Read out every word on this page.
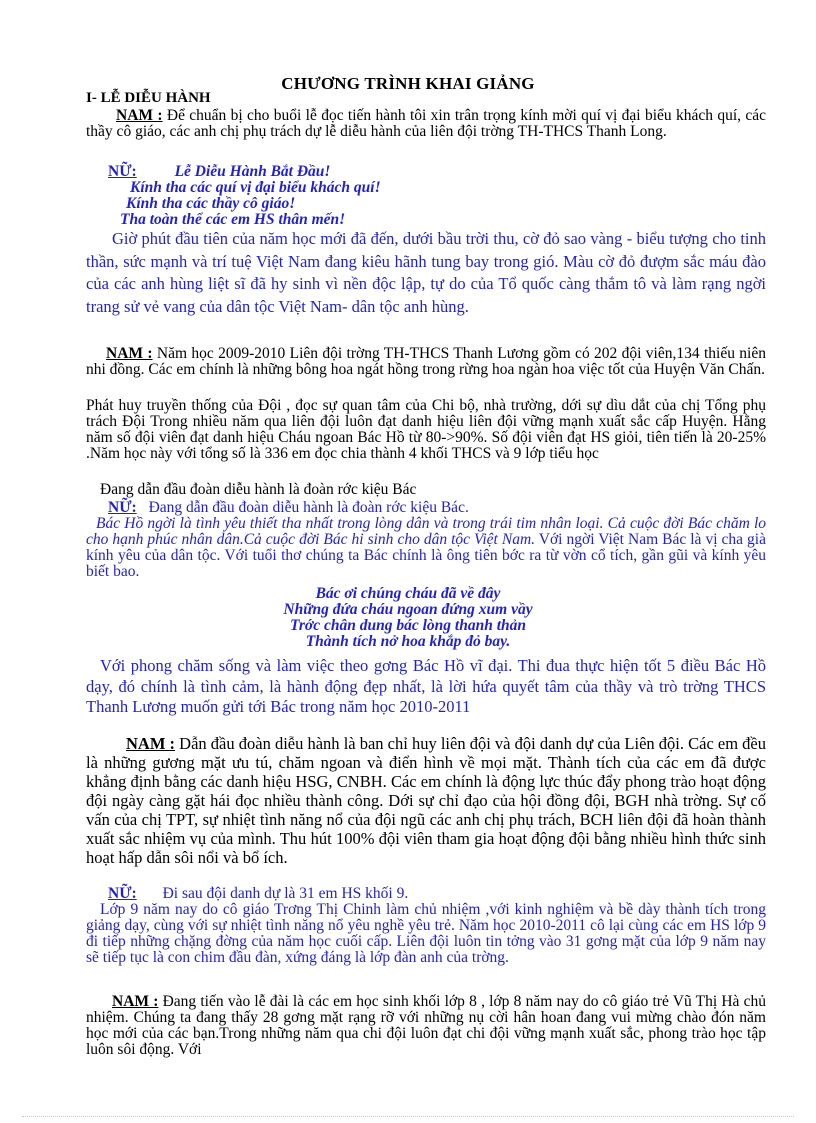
CHƯƠNG TRÌNH KHAI GIẢNG
I- LỄ DIỄU HÀNH
NAM : Để chuẩn bị cho buổi lễ đọc tiến hành tôi xin trân trọng kính mời quí vị đại biểu khách quí, các thầy cô giáo, các anh chị phụ trách dự lễ diễu hành của liên đội trờng TH-THCS Thanh Long.
NỮ: Lễ Diễu Hành Bắt Đầu!
Kính tha các quí vị đại biểu khách quí!
Kính tha các thầy cô giáo!
Tha toàn thể các em HS thân mến!
Giờ phút đầu tiên của năm học mới đã đến, dưới bầu trời thu, cờ đỏ sao vàng - biểu tượng cho tinh thần, sức mạnh và trí tuệ Việt Nam đang kiêu hãnh tung bay trong gió. Màu cờ đỏ đượm sắc máu đào của các anh hùng liệt sĩ đã hy sinh vì nền độc lập, tự do của Tổ quốc càng thắm tô và làm rạng ngời trang sử vẻ vang của dân tộc Việt Nam- dân tộc anh hùng.
NAM : Năm học 2009-2010 Liên đội trờng TH-THCS Thanh Lương gồm có 202 đội viên,134 thiếu niên nhi đồng. Các em chính là những bông hoa ngát hồng trong rừng hoa ngàn hoa việc tốt của Huyện Văn Chấn.
Phát huy truyền thống của Đội , đọc sự quan tâm của Chi bộ, nhà trường, dới sự dìu dắt của chị Tổng phụ trách Đội Trong nhiều năm qua liên đội luôn đạt danh hiệu liên đội vững mạnh xuất sắc cấp Huyện. Hằng năm số đội viên đạt danh hiệu Cháu ngoan Bác Hồ từ 80->90%. Số đội viên đạt HS giỏi, tiên tiến là 20-25% .Năm học này với tổng số là 336 em đọc chia thành 4 khối THCS và 9 lớp tiểu học
Đang dẫn đầu đoàn diễu hành là đoàn rớc kiệu Bác
NỮ: Đang dẫn đầu đoàn diễu hành là đoàn rớc kiệu Bác.
Bác Hồ ngời là tình yêu thiết tha nhất trong lòng dân và trong trái tim nhân loại. Cả cuộc đời Bác chăm lo cho hạnh phúc nhân dân.Cả cuộc đời Bác hi sinh cho dân tộc Việt Nam. Với ngời Việt Nam Bác là vị cha già kính yêu của dân tộc. Với tuổi thơ chúng ta Bác chính là ông tiên bớc ra từ vờn cổ tích, gần gũi và kính yêu biết bao.
Bác ơi chúng cháu đã về đây
Những đứa cháu ngoan đứng xum vầy
Trớc chân dung bác lòng thanh thản
Thành tích nở hoa khắp đỏ bay.
Với phong chăm sống và làm việc theo gơng Bác Hồ vĩ đại. Thi đua thực hiện tốt 5 điều Bác Hồ dạy, đó chính là tình cảm, là hành động đẹp nhất, là lời hứa quyết tâm của thầy và trò trờng THCS Thanh Lương muốn gửi tới Bác trong năm học 2010-2011
NAM : Dẫn đầu đoàn diễu hành là ban chỉ huy liên đội và đội danh dự của Liên đội. Các em đều là những gương mặt ưu tú, chăm ngoan và điển hình về mọi mặt. Thành tích của các em đã được khẳng định bằng các danh hiệu HSG, CNBH. Các em chính là động lực thúc đẩy phong trào hoạt động đội ngày càng gặt hái đọc nhiều thành công. Dới sự chỉ đạo của hội đồng đội, BGH nhà trờng. Sự cố vấn của chị TPT, sự nhiệt tình năng nổ của đội ngũ các anh chị phụ trách, BCH liên đội đã hoàn thành xuất sắc nhiệm vụ của mình. Thu hút 100% đội viên tham gia hoạt động đội bằng nhiều hình thức sinh hoạt hấp dẫn sôi nổi và bổ ích.
NỮ: Đi sau đội danh dự là 31 em HS khối 9.
Lớp 9 năm nay do cô giáo Trơng Thị Chinh làm chủ nhiệm ,với kinh nghiệm và bề dày thành tích trong giảng dạy, cùng với sự nhiệt tình năng nổ yêu nghề yêu trẻ. Năm học 2010-2011 cô lại cùng các em HS lớp 9 đi tiếp những chặng đờng của năm học cuối cấp. Liên đội luôn tin tởng vào 31 gơng mặt của lớp 9 năm nay sẽ tiếp tục là con chim đầu đàn, xứng đáng là lớp đàn anh của trờng.
NAM : Đang tiến vào lễ đài là các em học sinh khối lớp 8 , lớp 8 năm nay do cô giáo trẻ Vũ Thị Hà chủ nhiệm. Chúng ta đang thấy 28 gơng mặt rạng rỡ với những nụ cời hân hoan đang vui mừng chào đón năm học mới của các bạn.Trong những năm qua chi đội luôn đạt chi đội vững mạnh xuất sắc, phong trào học tập luôn sôi động. Với
